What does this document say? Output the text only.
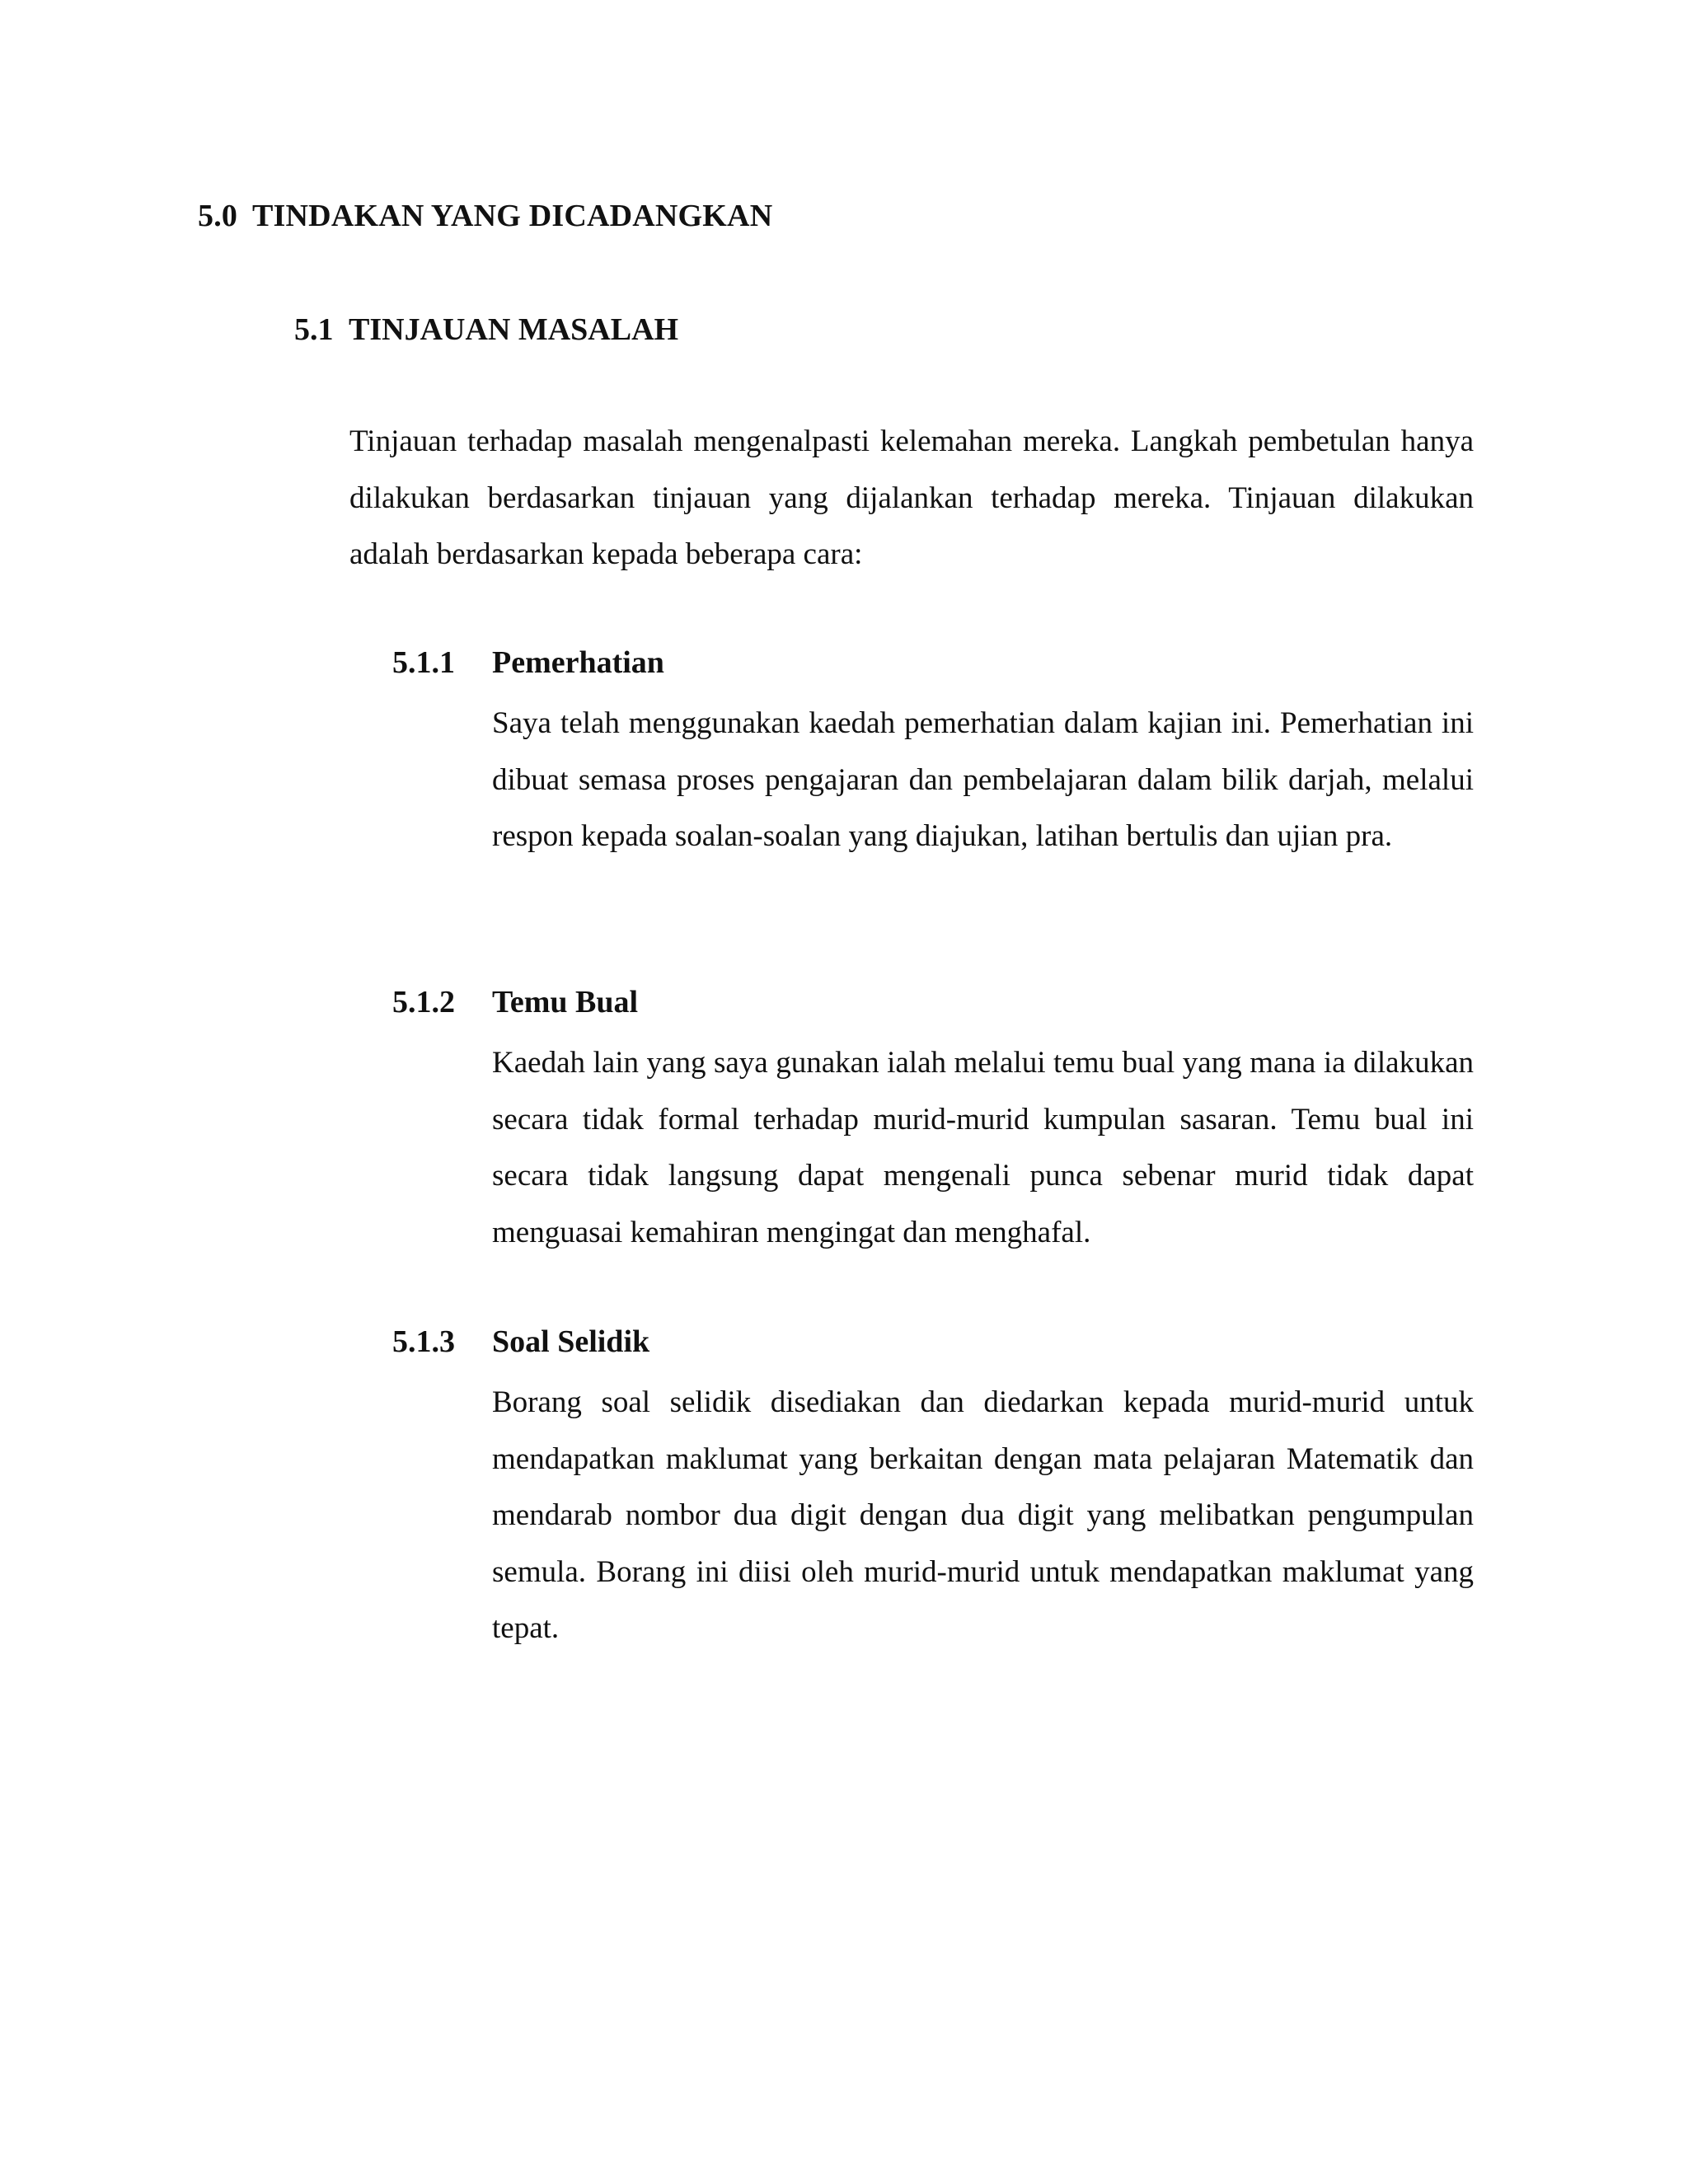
5.0 TINDAKAN YANG DICADANGKAN
5.1 TINJAUAN MASALAH
Tinjauan terhadap masalah mengenalpasti kelemahan mereka. Langkah pembetulan hanya dilakukan berdasarkan tinjauan yang dijalankan terhadap mereka. Tinjauan dilakukan adalah berdasarkan kepada beberapa cara:
5.1.1 Pemerhatian
Saya telah menggunakan kaedah pemerhatian dalam kajian ini. Pemerhatian ini dibuat semasa proses pengajaran dan pembelajaran dalam bilik darjah, melalui respon kepada soalan-soalan yang diajukan, latihan bertulis dan ujian pra.
5.1.2 Temu Bual
Kaedah lain yang saya gunakan ialah melalui temu bual yang mana ia dilakukan secara tidak formal terhadap murid-murid kumpulan sasaran. Temu bual ini secara tidak langsung dapat mengenali punca sebenar murid tidak dapat menguasai kemahiran mengingat dan menghafal.
5.1.3 Soal Selidik
Borang soal selidik disediakan dan diedarkan kepada murid-murid untuk mendapatkan maklumat yang berkaitan dengan mata pelajaran Matematik dan mendarab nombor dua digit dengan dua digit yang melibatkan pengumpulan semula. Borang ini diisi oleh murid-murid untuk mendapatkan maklumat yang tepat.
